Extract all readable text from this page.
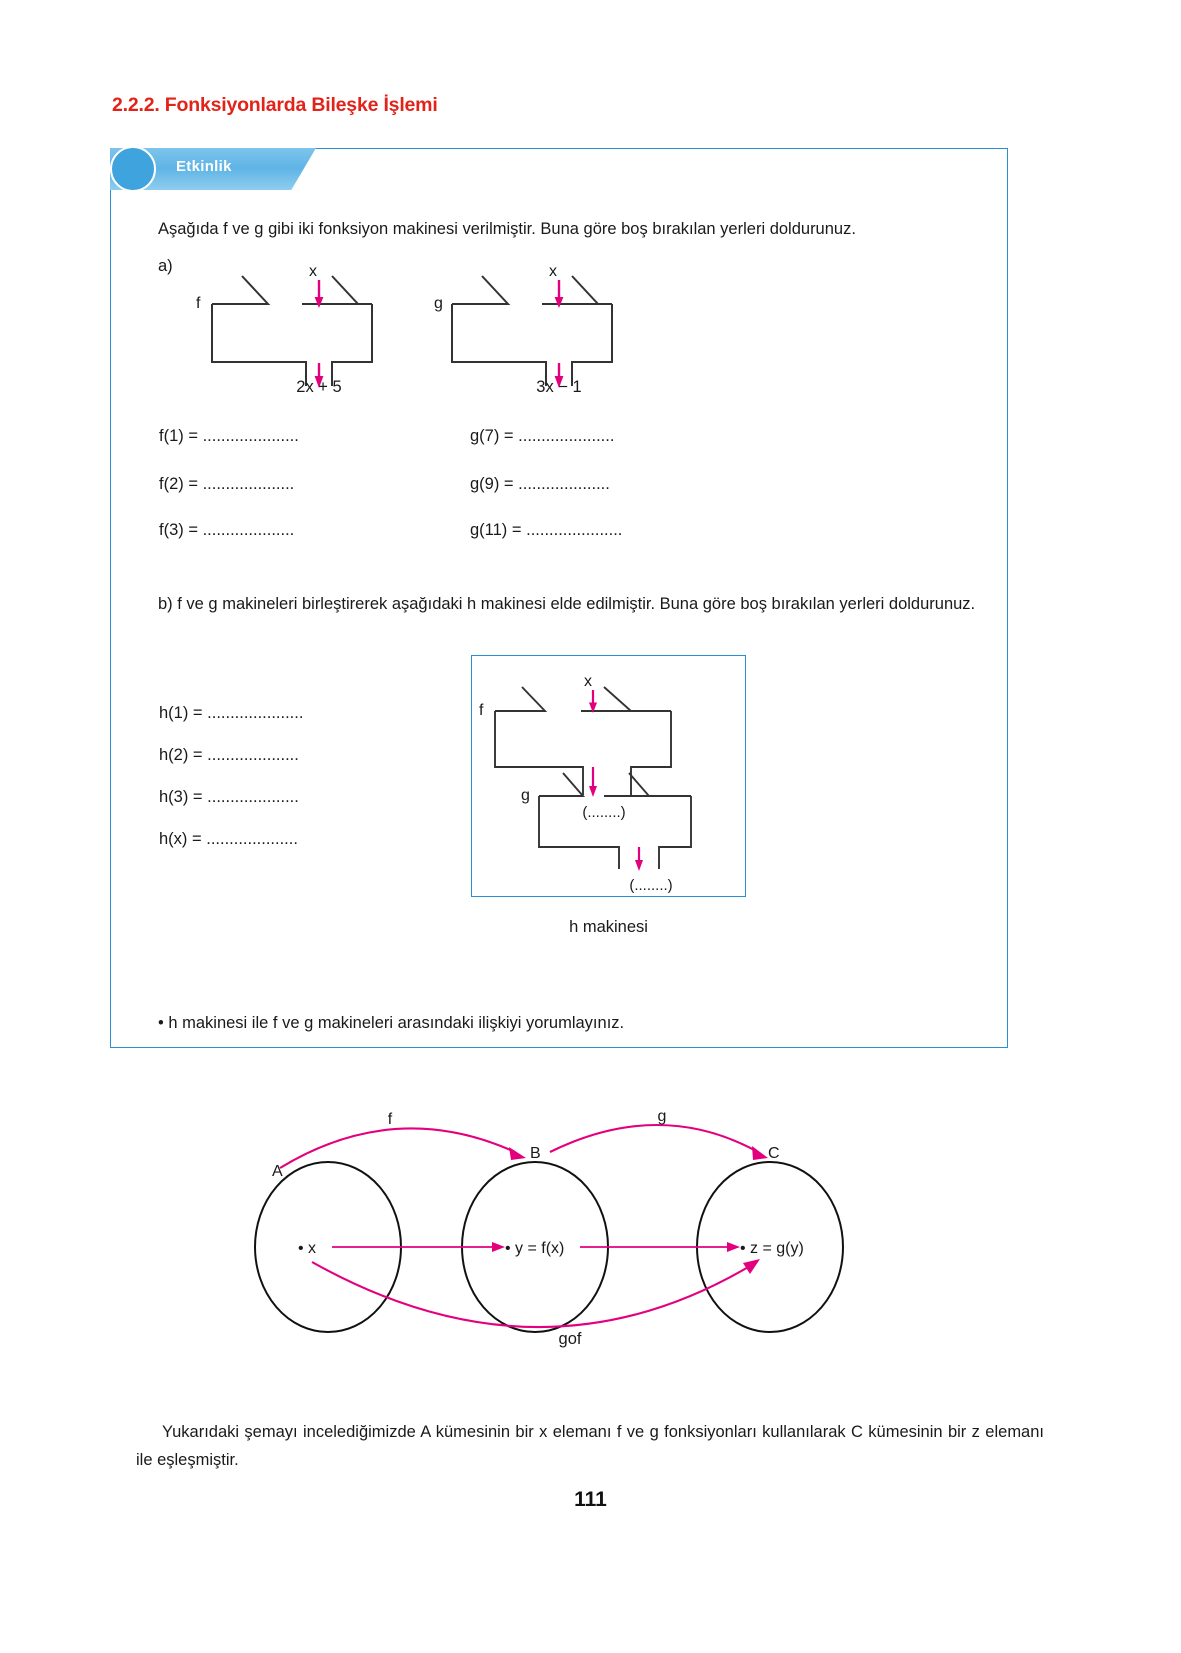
2.2.2. Fonksiyonlarda Bileşke İşlemi
Etkinlik
Aşağıda f ve g gibi iki fonksiyon makinesi verilmiştir. Buna göre boş bırakılan yerleri doldurunuz.
a)
f
x
2x + 5
g
x
3x − 1
f(1) = .....................
f(2) = ....................
f(3) = ....................
g(7) = .....................
g(9) = ....................
g(11) = .....................
b) f ve g makineleri birleştirerek aşağıdaki h makinesi elde edilmiştir. Buna göre boş bırakılan yerleri doldurunuz.
h(1) = .....................
h(2) = ....................
h(3) = ....................
h(x) = ....................
f
x
g
(........)
(........)
h makinesi
• h makinesi ile f ve g makineleri arasındaki ilişkiyi yorumlayınız.
A
B	C
• x	• y = f(x)	• z = g(y)
f	g
gof
Yukarıdaki şemayı incelediğimizde A kümesinin bir x elemanı f ve g fonksiyonları kullanılarak C kümesinin bir z elemanı ile eşleşmiştir.
111
